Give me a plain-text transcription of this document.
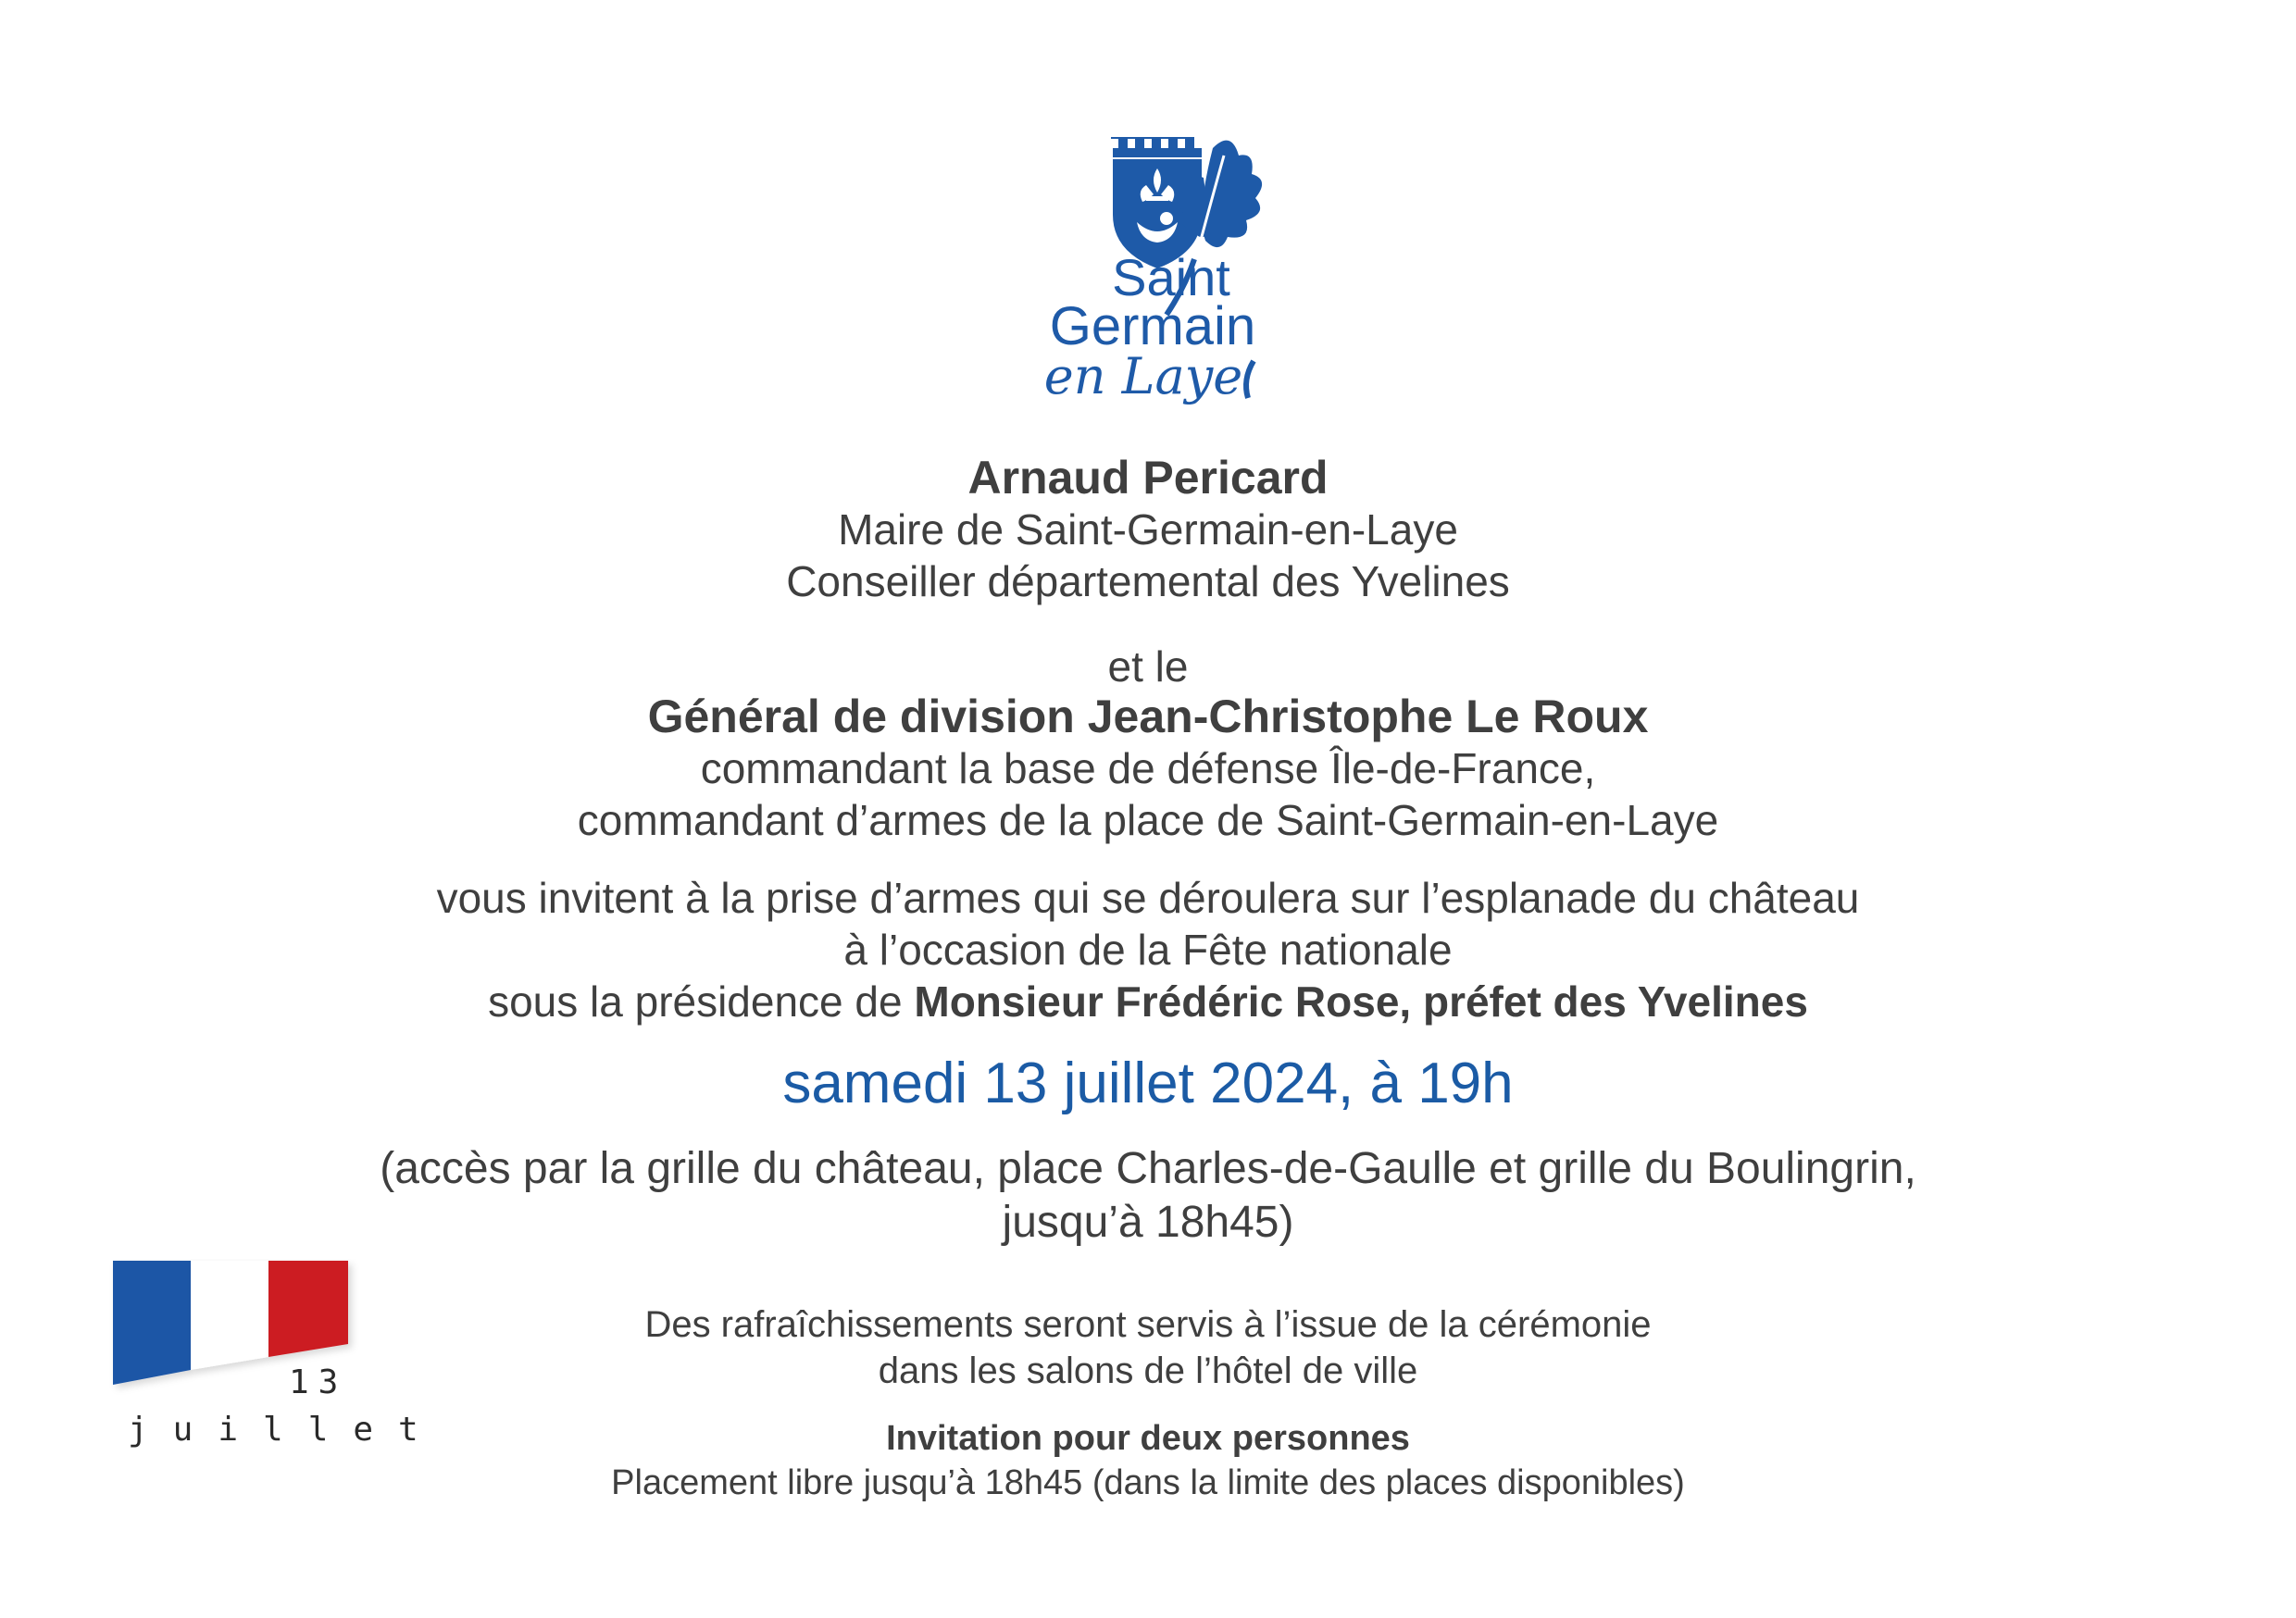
Saint
Germain
en Laye
Arnaud Pericard
Maire de Saint-Germain-en-Laye
Conseiller départemental des Yvelines
et le
Général de division Jean-Christophe Le Roux
commandant la base de défense Île-de-France,
commandant d’armes de la place de Saint-Germain-en-Laye
vous invitent à la prise d’armes qui se déroulera sur l’esplanade du château
à l’occasion de la Fête nationale
sous la présidence de Monsieur Frédéric Rose, préfet des Yvelines
samedi 13 juillet 2024, à 19h
(accès par la grille du château, place Charles-de-Gaulle et grille du Boulingrin,
jusqu’à 18h45)
Des rafraîchissements seront servis à l’issue de la cérémonie
dans les salons de l’hôtel de ville
Invitation pour deux personnes
Placement libre jusqu’à 18h45 (dans la limite des places disponibles)
13
juillet
